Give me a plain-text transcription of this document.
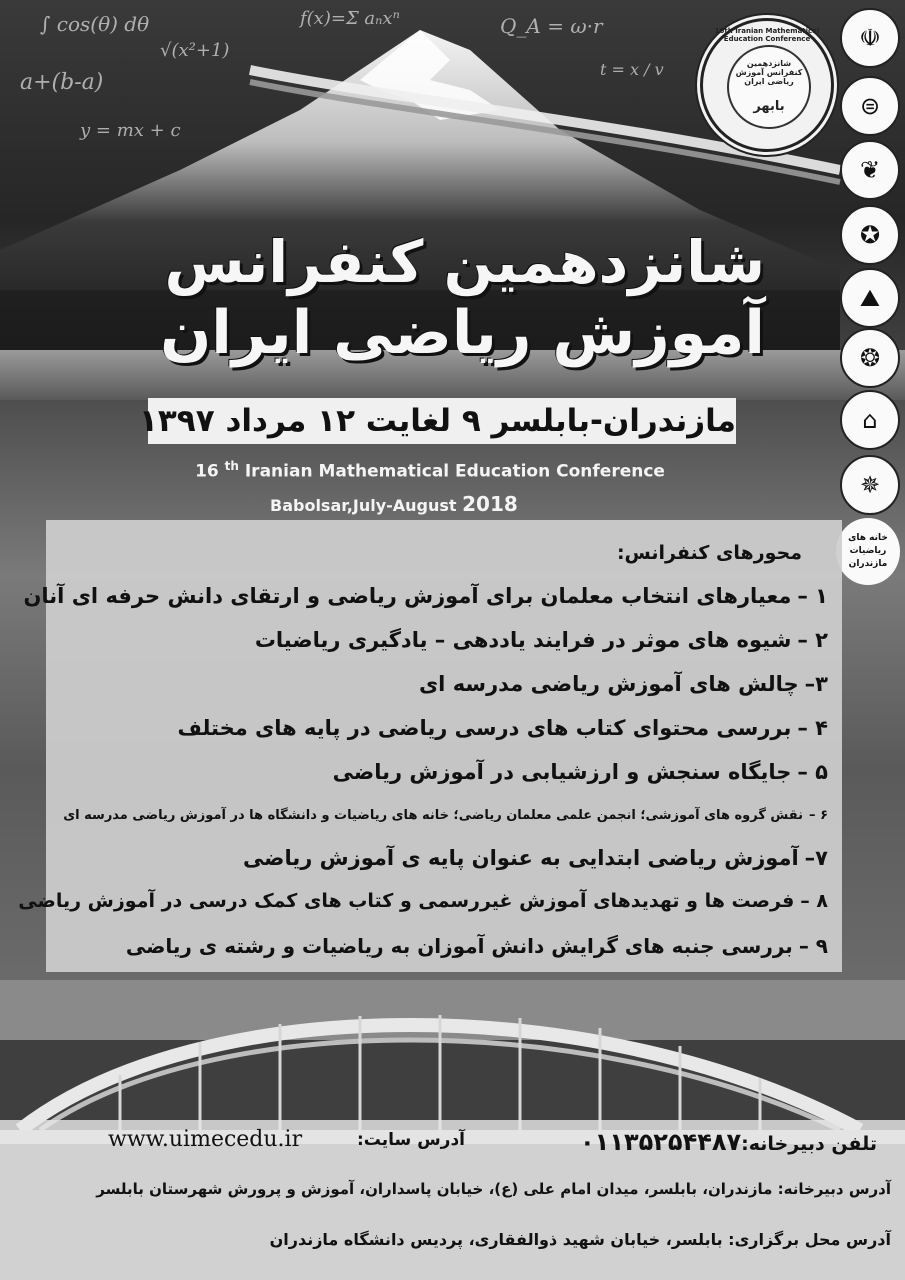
∫ cos(θ) dθ
√(x²+1)
a+(b-a)
f(x)=Σ aₙxⁿ	Q_A = ω·r
t = x / v
y = mx + c
16th Iranian Mathematical Education Conference
شانزدهمین کنفرانس آموزش ریاضی ایران
بابهر
☫
⊜
❦
✪
⛰
❂
⌂
✵
خانه های ریاضیات مازندران
شانزدهمین کنفرانس
آموزش ریاضی ایران
مازندران-بابلسر ۹ لغایت ۱۲ مرداد ۱۳۹۷
16 $^{th}$ Iranian Mathematical Education Conference
Babolsar,July-August 2018
محورهای کنفرانس:
۱ –معیارهای انتخاب معلمان برای آموزش ریاضی و ارتقای دانش حرفه ای آنان
۲ –شیوه های موثر در فرایند یاددهی – یادگیری ریاضیات
۳–چالش های آموزش ریاضی مدرسه ای
۴ –بررسی محتوای کتاب های درسی ریاضی در پایه های مختلف
۵ –جایگاه سنجش و ارزشیابی در آموزش ریاضی
۶ –نقش گروه های آموزشی؛ انجمن علمی معلمان ریاضی؛ خانه های ریاضیات و دانشگاه ها در آموزش ریاضی مدرسه ای
۷–آموزش ریاضی ابتدایی به عنوان پایه ی آموزش ریاضی
۸ –فرصت ها و تهدیدهای آموزش غیررسمی و کتاب های کمک درسی در آموزش ریاضی
۹ –بررسی جنبه های گرایش دانش آموزان به ریاضیات و رشته ی ریاضی
تلفن دبیرخانه:۰۱۱۳۵۲۵۴۴۸۷
آدرس سایت:
www.uimecedu.ir
آدرس دبیرخانه: مازندران، بابلسر، میدان امام علی (ع)، خیابان پاسداران، آموزش و پرورش شهرستان بابلسر
آدرس محل برگزاری: بابلسر، خیابان شهید ذوالفقاری، پردیس دانشگاه مازندران
